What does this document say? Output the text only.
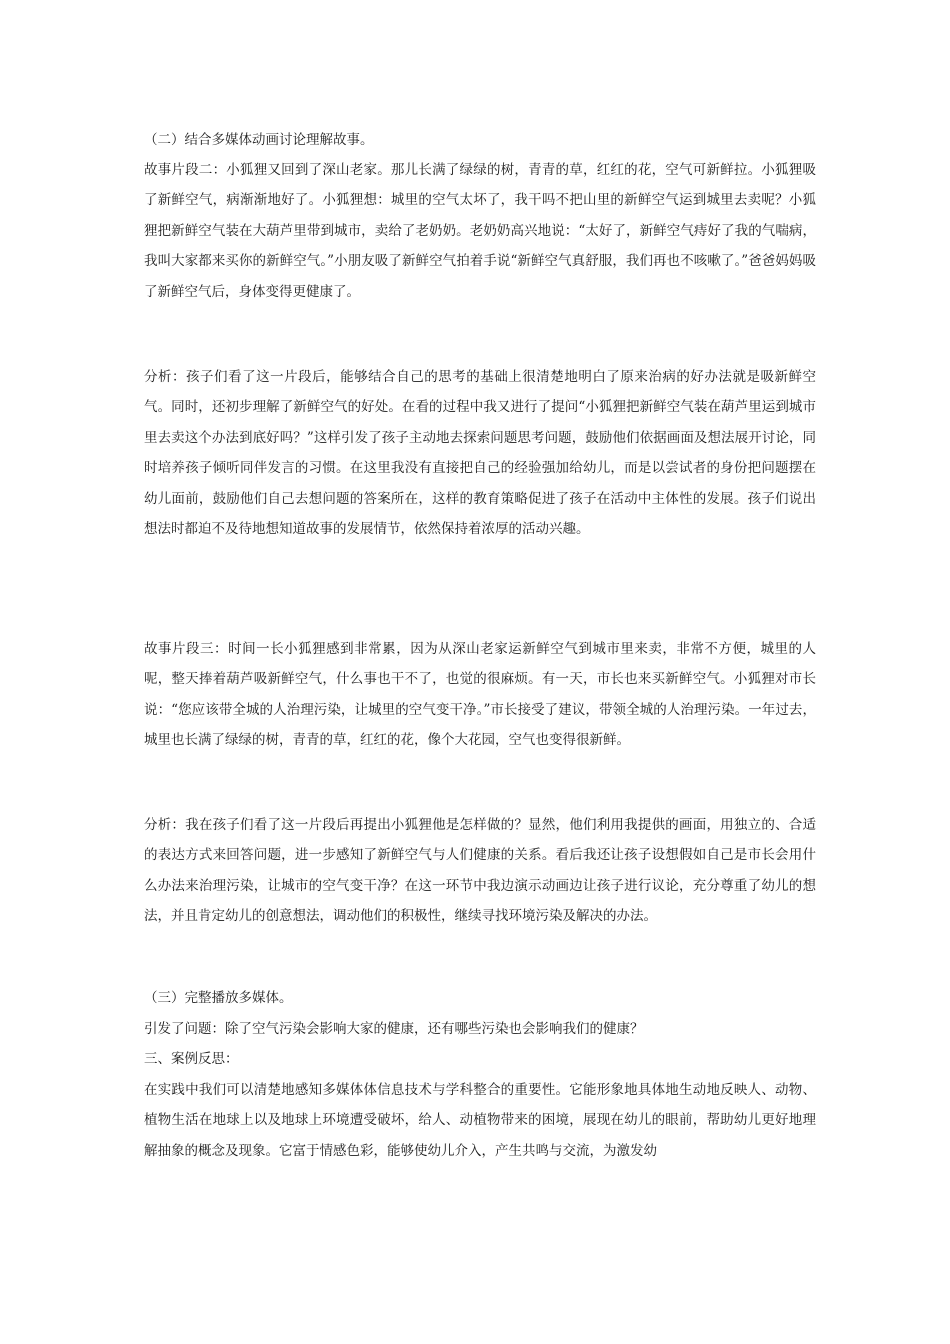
（二）结合多媒体动画讨论理解故事。

故事片段二：小狐狸又回到了深山老家。那儿长满了绿绿的树，青青的草，红红的花，空气可新鲜拉。小狐狸吸了新鲜空气，病渐渐地好了。小狐狸想：城里的空气太坏了，我干吗不把山里的新鲜空气运到城里去卖呢？小狐狸把新鲜空气装在大葫芦里带到城市，卖给了老奶奶。老奶奶高兴地说：“太好了，新鲜空气痔好了我的气喘病，我叫大家都来买你的新鲜空气。”小朋友吸了新鲜空气拍着手说“新鲜空气真舒服，我们再也不咳嗽了。”爸爸妈妈吸了新鲜空气后，身体变得更健康了。

分析：孩子们看了这一片段后，能够结合自己的思考的基础上很清楚地明白了原来治病的好办法就是吸新鲜空气。同时，还初步理解了新鲜空气的好处。在看的过程中我又进行了提问“小狐狸把新鲜空气装在葫芦里运到城市里去卖这个办法到底好吗？”这样引发了孩子主动地去探索问题思考问题，鼓励他们依据画面及想法展开讨论，同时培养孩子倾听同伴发言的习惯。在这里我没有直接把自己的经验强加给幼儿，而是以尝试者的身份把问题摆在幼儿面前，鼓励他们自己去想问题的答案所在，这样的教育策略促进了孩子在活动中主体性的发展。孩子们说出想法时都迫不及待地想知道故事的发展情节，依然保持着浓厚的活动兴趣。

故事片段三：时间一长小狐狸感到非常累，因为从深山老家运新鲜空气到城市里来卖，非常不方便，城里的人呢，整天捧着葫芦吸新鲜空气，什么事也干不了，也觉的很麻烦。有一天，市长也来买新鲜空气。小狐狸对市长说：“您应该带全城的人治理污染，让城里的空气变干净。”市长接受了建议，带领全城的人治理污染。一年过去，城里也长满了绿绿的树，青青的草，红红的花，像个大花园，空气也变得很新鲜。

分析：我在孩子们看了这一片段后再提出小狐狸他是怎样做的？显然，他们利用我提供的画面，用独立的、合适的表达方式来回答问题，进一步感知了新鲜空气与人们健康的关系。看后我还让孩子设想假如自己是市长会用什么办法来治理污染，让城市的空气变干净？在这一环节中我边演示动画边让孩子进行议论，充分尊重了幼儿的想法，并且肯定幼儿的创意想法，调动他们的积极性，继续寻找环境污染及解决的办法。

（三）完整播放多媒体。

引发了问题：除了空气污染会影响大家的健康，还有哪些污染也会影响我们的健康？

三、案例反思：

在实践中我们可以清楚地感知多媒体体信息技术与学科整合的重要性。它能形象地具体地生动地反映人、动物、植物生活在地球上以及地球上环境遭受破坏，给人、动植物带来的困境，展现在幼儿的眼前，帮助幼儿更好地理解抽象的概念及现象。它富于情感色彩，能够使幼儿介入，产生共鸣与交流，为激发幼
